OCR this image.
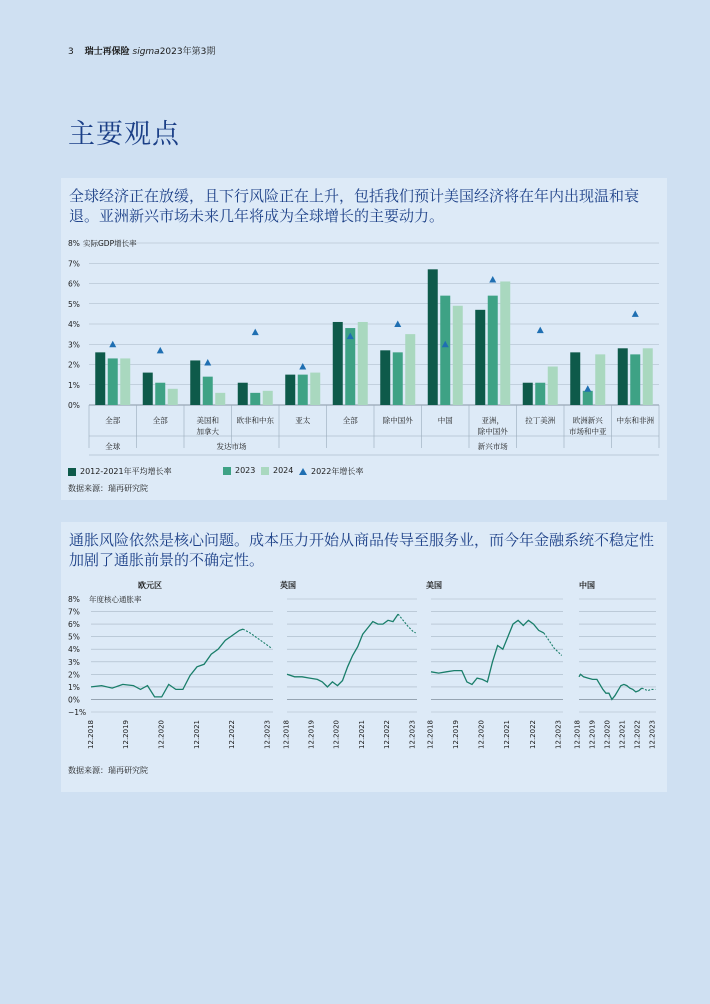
3 瑞士再保险 sigma2023年第3期
主要观点
全球经济正在放缓，且下行风险正在上升，包括我们预计美国经济将在年内出现温和衰退。亚洲新兴市场未来几年将成为全球增长的主要动力。
0%
1%
2%
3%
4%
5%
6%
7%
8% 实际GDP增长率
全部	全部	美国和
加拿大
欧非和中东	亚太	全部	除中国外	中国	亚洲，
除中国外
拉丁美洲 欧洲新兴
市场和中亚
中东和非洲
全球	发达市场	新兴市场
2012-2021年平均增长率	2023 2024 2022年增长率
数据来源：瑞再研究院
通胀风险依然是核心问题。成本压力开始从商品传导至服务业，而今年金融系统不稳定性加剧了通胀前景的不确定性。
欧元区	英国	美国	中国
8%
7%
6%
5%
4%
3%
2%
1%
0%
−1%
年度核心通胀率
12.2018	12.2019	12.2020	12.2021	12.2022	12.2023 12.2018 12.2019 12.2020 12.2021 12.2022 12.2023 12.2018	12.2019	12.2020	12.2021	12.2022	12.2023 12.2018 12.2019 12.2020 12.2021 12.2022 12.2023
数据来源：瑞再研究院
